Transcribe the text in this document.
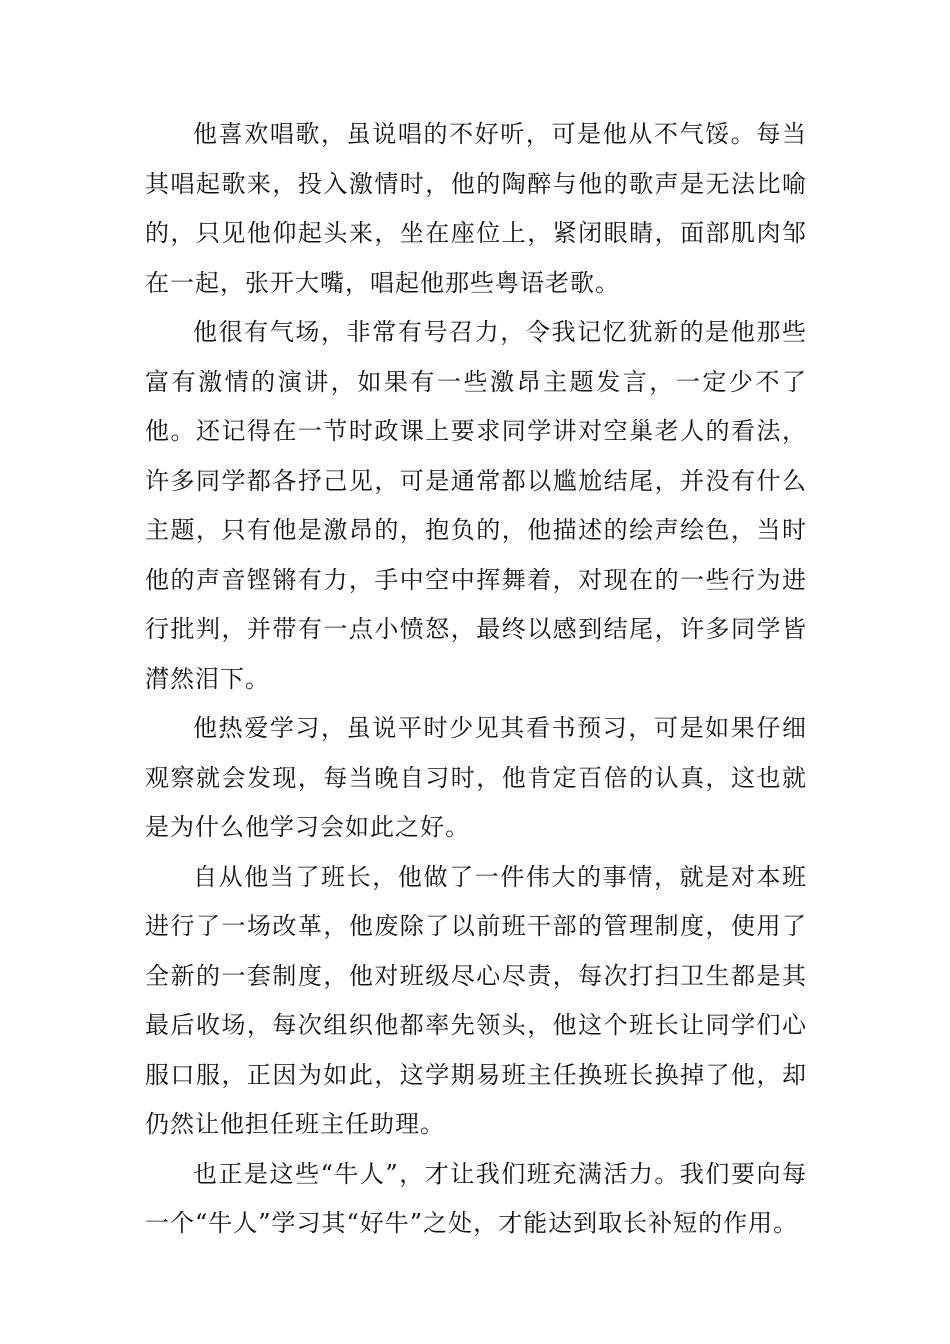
他喜欢唱歌，虽说唱的不好听，可是他从不气馁。每当其唱起歌来，投入激情时，他的陶醉与他的歌声是无法比喻的，只见他仰起头来，坐在座位上，紧闭眼睛，面部肌肉邹在一起，张开大嘴，唱起他那些粤语老歌。

他很有气场，非常有号召力，令我记忆犹新的是他那些富有激情的演讲，如果有一些激昂主题发言，一定少不了他。还记得在一节时政课上要求同学讲对空巢老人的看法，许多同学都各抒己见，可是通常都以尴尬结尾，并没有什么主题，只有他是激昂的，抱负的，他描述的绘声绘色，当时他的声音铿锵有力，手中空中挥舞着，对现在的一些行为进行批判，并带有一点小愤怒，最终以感到结尾，许多同学皆潸然泪下。

他热爱学习，虽说平时少见其看书预习，可是如果仔细观察就会发现，每当晚自习时，他肯定百倍的认真，这也就是为什么他学习会如此之好。

自从他当了班长，他做了一件伟大的事情，就是对本班进行了一场改革，他废除了以前班干部的管理制度，使用了全新的一套制度，他对班级尽心尽责，每次打扫卫生都是其最后收场，每次组织他都率先领头，他这个班长让同学们心服口服，正因为如此，这学期易班主任换班长换掉了他，却仍然让他担任班主任助理。

也正是这些“牛人”，才让我们班充满活力。我们要向每一个“牛人”学习其“好牛”之处，才能达到取长补短的作用。
